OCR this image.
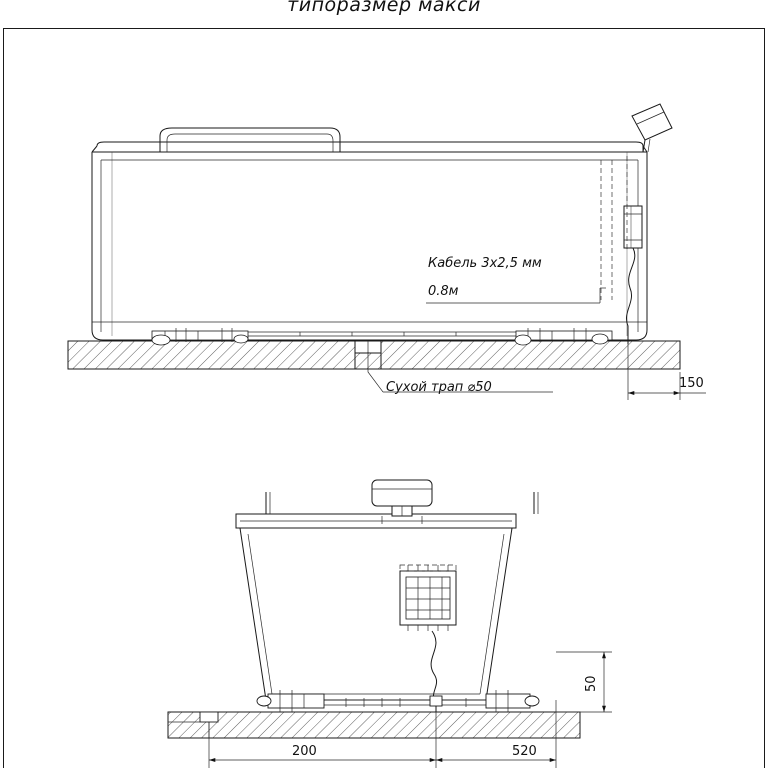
типоразмер макси
Кабель 3х2,5 мм
0.8м
Сухой трап ⌀50	150
50
200	520
